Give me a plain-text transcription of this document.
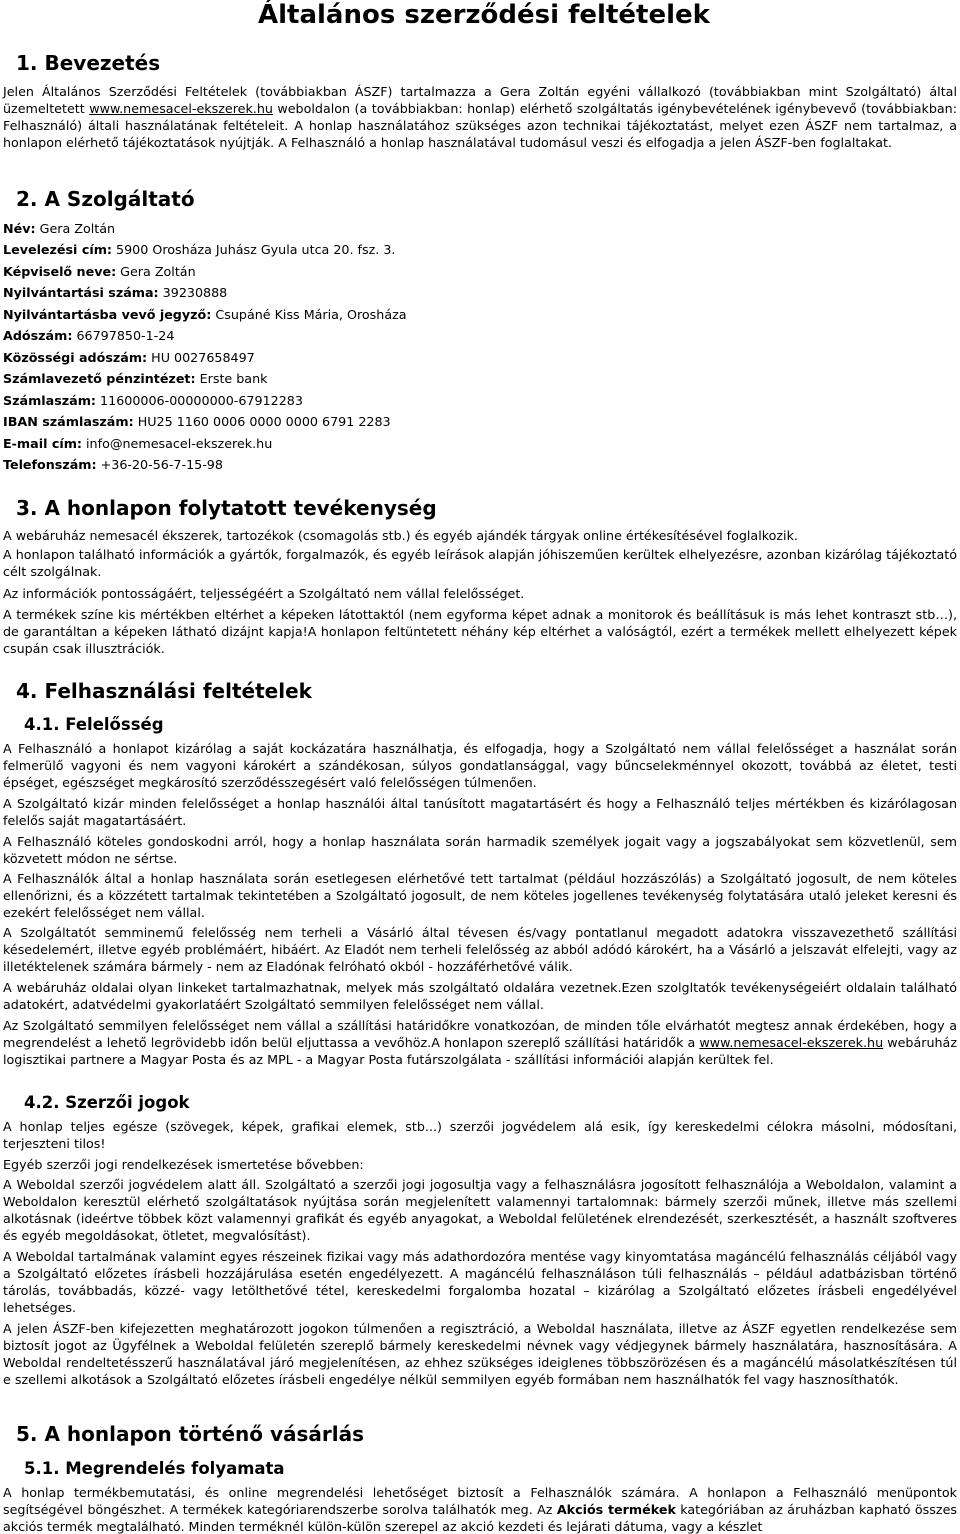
Általános szerződési feltételek
1. Bevezetés

Jelen Általános Szerződési Feltételek (továbbiakban ÁSZF) tartalmazza a Gera Zoltán egyéni vállalkozó (továbbiakban mint Szolgáltató) által üzemeltetett www.nemesacel-ekszerek.hu weboldalon (a továbbiakban: honlap) elérhető szolgáltatás igénybevételének igénybevevő (továbbiakban: Felhasználó) általi használatának feltételeit. A honlap használatához szükséges azon technikai tájékoztatást, melyet ezen ÁSZF nem tartalmaz, a honlapon elérhető tájékoztatások nyújtják. A Felhasználó a honlap használatával tudomásul veszi és elfogadja a jelen ÁSZF-ben foglaltakat.

2. A Szolgáltató
Név: Gera Zoltán
Levelezési cím: 5900 Orosháza Juhász Gyula utca 20. fsz. 3.
Képviselő neve: Gera Zoltán
Nyilvántartási száma: 39230888
Nyilvántartásba vevő jegyző: Csupáné Kiss Mária, Orosháza
Adószám: 66797850-1-24
Közösségi adószám: HU 0027658497
Számlavezető pénzintézet: Erste bank
Számlaszám: 11600006-00000000-67912283
IBAN számlaszám: HU25 1160 0006 0000 0000 6791 2283
E-mail cím: info@nemesacel-ekszerek.hu
Telefonszám: +36-20-56-7-15-98
3. A honlapon folytatott tevékenység

A webáruház nemesacél ékszerek, tartozékok (csomagolás stb.) és egyéb ajándék tárgyak online értékesítésével foglalkozik.

A honlapon található információk a gyártók, forgalmazók, és egyéb leírások alapján jóhiszeműen kerültek elhelyezésre, azonban kizárólag tájékoztató célt szolgálnak.

Az információk pontosságáért, teljességéért a Szolgáltató nem vállal felelősséget.

A termékek színe kis mértékben eltérhet a képeken látottaktól (nem egyforma képet adnak a monitorok és beállításuk is más lehet kontraszt stb…), de garantáltan a képeken látható dizájnt kapja!A honlapon feltüntetett néhány kép eltérhet a valóságtól, ezért a termékek mellett elhelyezett képek csupán csak illusztrációk.

4. Felhasználási feltételek
4.1. Felelősség

A Felhasználó a honlapot kizárólag a saját kockázatára használhatja, és elfogadja, hogy a Szolgáltató nem vállal felelősséget a használat során felmerülő vagyoni és nem vagyoni károkért a szándékosan, súlyos gondatlansággal, vagy bűncselekménnyel okozott, továbbá az életet, testi épséget, egészséget megkárosító szerződésszegésért való felelősségen túlmenően.

A Szolgáltató kizár minden felelősséget a honlap használói által tanúsított magatartásért és hogy a Felhasználó teljes mértékben és kizárólagosan felelős saját magatartásáért.

A Felhasználó köteles gondoskodni arról, hogy a honlap használata során harmadik személyek jogait vagy a jogszabályokat sem közvetlenül, sem közvetett módon ne sértse.

A Felhasználók által a honlap használata során esetlegesen elérhetővé tett tartalmat (például hozzászólás) a Szolgáltató jogosult, de nem köteles ellenőrizni, és a közzétett tartalmak tekintetében a Szolgáltató jogosult, de nem köteles jogellenes tevékenység folytatására utaló jeleket keresni és ezekért felelősséget nem vállal.

A Szolgáltatót semminemű felelősség nem terheli a Vásárló által tévesen és/vagy pontatlanul megadott adatokra visszavezethető szállítási késedelemért, illetve egyéb problémáért, hibáért. Az Eladót nem terheli felelősség az abból adódó károkért, ha a Vásárló a jelszavát elfelejti, vagy az illetéktelenek számára bármely - nem az Eladónak felróható okból - hozzáférhetővé válik.

A webáruház oldalai olyan linkeket tartalmazhatnak, melyek más szolgáltató oldalára vezetnek.Ezen szolgltatók tevékenységeiért oldalain található adatokért, adatvédelmi gyakorlatáért Szolgáltató semmilyen felelősséget nem vállal.

Az Szolgáltató semmilyen felelősséget nem vállal a szállítási határidőkre vonatkozóan, de minden tőle elvárhatót megtesz annak érdekében, hogy a megrendelést a lehető legrövidebb időn belül eljuttassa a vevőhöz.A honlapon szereplő szállítási határidők a www.nemesacel-ekszerek.hu webáruház logisztikai partnere a Magyar Posta és az MPL - a Magyar Posta futárszolgálata - szállítási információi alapján kerültek fel.

4.2. Szerzői jogok

A honlap teljes egésze (szövegek, képek, grafikai elemek, stb...) szerzői jogvédelem alá esik, így kereskedelmi célokra másolni, módosítani, terjeszteni tilos!

Egyéb szerzői jogi rendelkezések ismertetése bővebben:

A Weboldal szerzői jogvédelem alatt áll. Szolgáltató a szerzői jogi jogosultja vagy a felhasználásra jogosított felhasználója a Weboldalon, valamint a Weboldalon keresztül elérhető szolgáltatások nyújtása során megjelenített valamennyi tartalomnak: bármely szerzői műnek, illetve más szellemi alkotásnak (ideértve többek közt valamennyi grafikát és egyéb anyagokat, a Weboldal felületének elrendezését, szerkesztését, a használt szoftveres és egyéb megoldásokat, ötletet, megvalósítást).

A Weboldal tartalmának valamint egyes részeinek fizikai vagy más adathordozóra mentése vagy kinyomtatása magáncélú felhasználás céljából vagy a Szolgáltató előzetes írásbeli hozzájárulása esetén engedélyezett. A magáncélú felhasználáson túli felhasználás – például adatbázisban történő tárolás, továbbadás, közzé- vagy letölthetővé tétel, kereskedelmi forgalomba hozatal – kizárólag a Szolgáltató előzetes írásbeli engedélyével lehetséges.

A jelen ÁSZF-ben kifejezetten meghatározott jogokon túlmenően a regisztráció, a Weboldal használata, illetve az ÁSZF egyetlen rendelkezése sem biztosít jogot az Ügyfélnek a Weboldal felületén szereplő bármely kereskedelmi névnek vagy védjegynek bármely használatára, hasznosítására. A Weboldal rendeltetésszerű használatával járó megjelenítésen, az ehhez szükséges ideiglenes többszörözésen és a magáncélú másolatkészítésen túl e szellemi alkotások a Szolgáltató előzetes írásbeli engedélye nélkül semmilyen egyéb formában nem használhatók fel vagy hasznosíthatók.

5. A honlapon történő vásárlás
5.1. Megrendelés folyamata

A honlap termékbemutatási, és online megrendelési lehetőséget biztosít a Felhasználók számára. A honlapon a Felhasználó menüpontok segítségével böngészhet. A termékek kategóriarendszerbe sorolva találhatók meg. Az Akciós termékek kategóriában az áruházban kapható összes akciós termék megtalálható. Minden terméknél külön-külön szerepel az akció kezdeti és lejárati dátuma, vagy a készlet
